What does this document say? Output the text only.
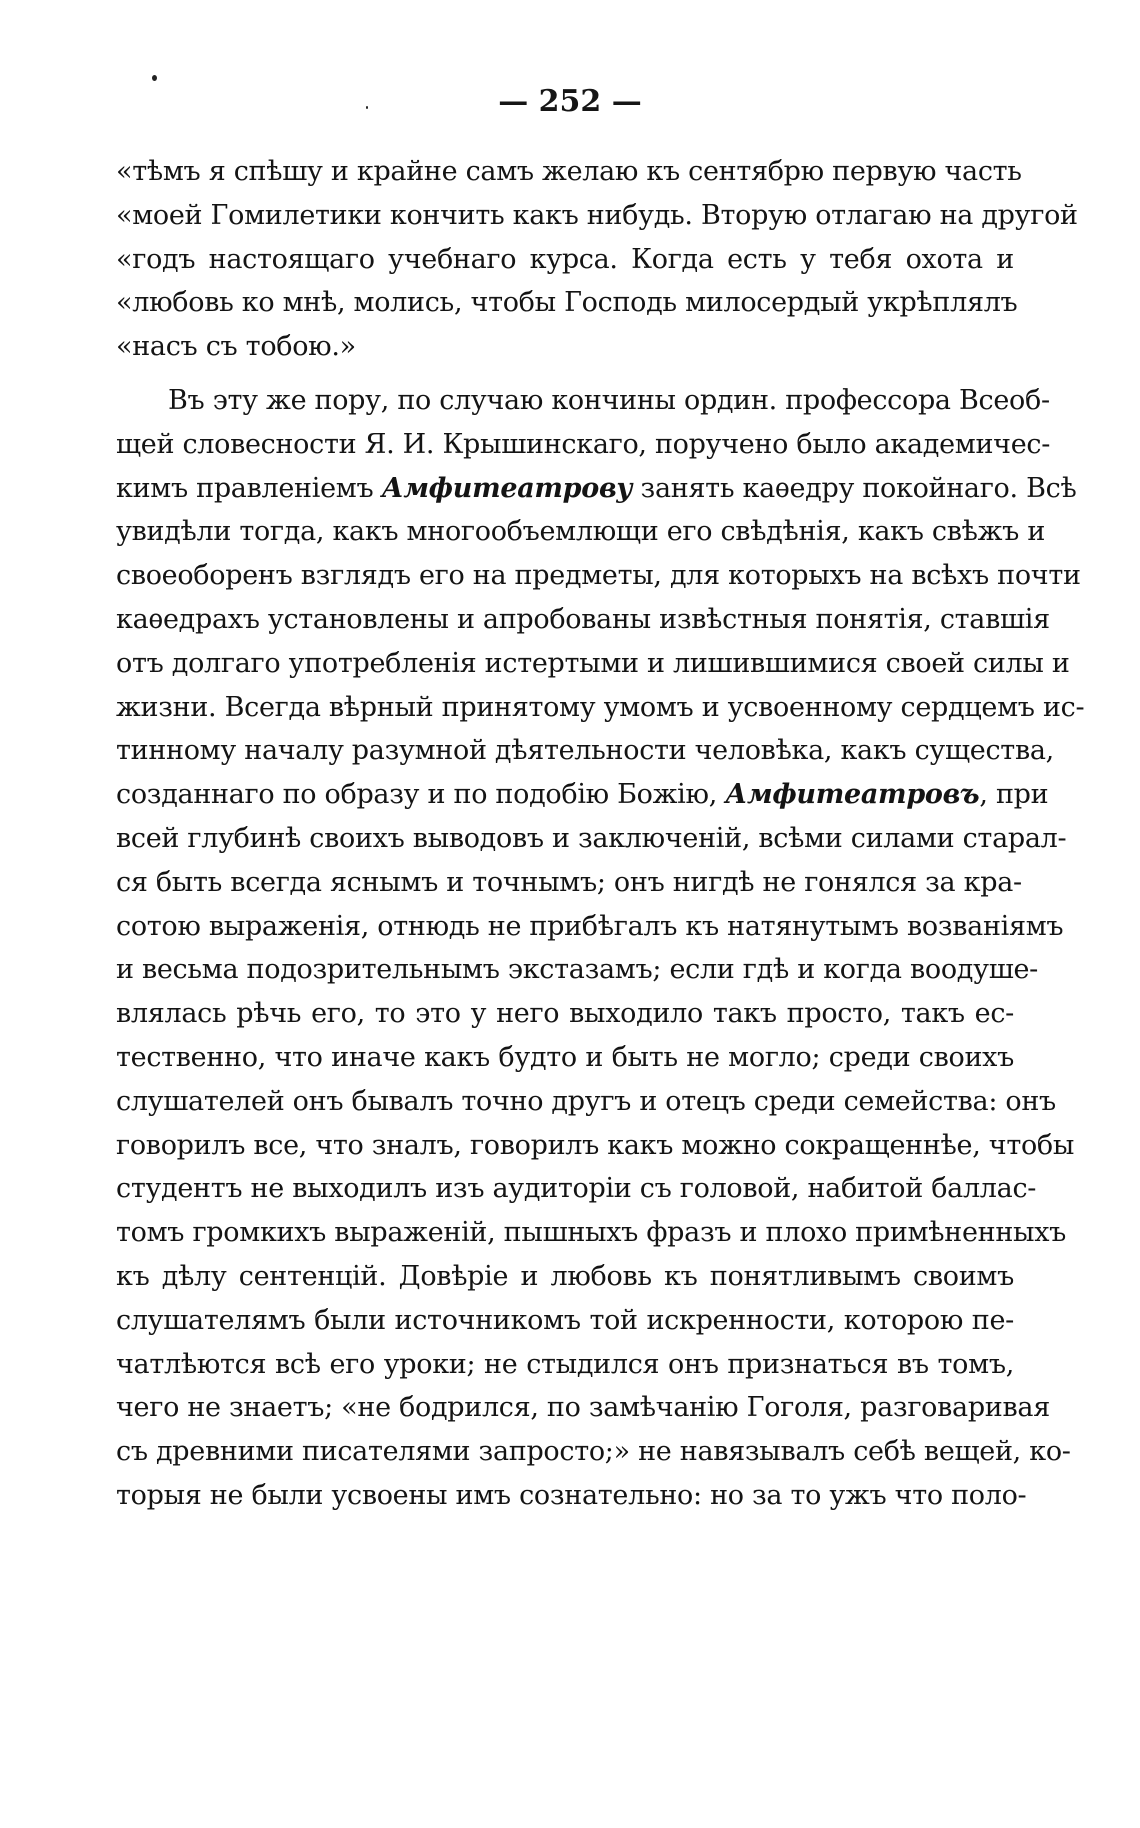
— 252 —
«тѣмъ я спѣшу и крайне самъ желаю къ сентябрю первую часть
«моей Гомилетики кончить какъ нибудь. Вторую отлагаю на другой
«годъ настоящаго учебнаго курса. Когда есть у тебя охота и
«любовь ко мнѣ, молись, чтобы Господь милосердый укрѣплялъ
«насъ съ тобою.»
Въ эту же пору, по случаю кончины ордин. профессора Всеоб-
щей словесности Я. И. Крышинскаго, поручено было академичес-
кимъ правленіемъ Амфитеатрову занять каѳедру покойнаго. Всѣ
увидѣли тогда, какъ многообъемлющи его свѣдѣнія, какъ свѣжъ и
своеоборенъ взглядъ его на предметы, для которыхъ на всѣхъ почти
каѳедрахъ установлены и апробованы извѣстныя понятія, ставшія
отъ долгаго употребленія истертыми и лишившимися своей силы и
жизни. Всегда вѣрный принятому умомъ и усвоенному сердцемъ ис-
тинному началу разумной дѣятельности человѣка, какъ существа,
созданнаго по образу и по подобію Божію, Амфитеатровъ, при
всей глубинѣ своихъ выводовъ и заключеній, всѣми силами старал-
ся быть всегда яснымъ и точнымъ; онъ нигдѣ не гонялся за кра-
сотою выраженія, отнюдь не прибѣгалъ къ натянутымъ возваніямъ
и весьма подозрительнымъ экстазамъ; если гдѣ и когда воодуше-
влялась рѣчь его, то это у него выходило такъ просто, такъ ес-
тественно, что иначе какъ будто и быть не могло; среди своихъ
слушателей онъ бывалъ точно другъ и отецъ среди семейства: онъ
говорилъ все, что зналъ, говорилъ какъ можно сокращеннѣе, чтобы
студентъ не выходилъ изъ аудиторіи съ головой, набитой баллас-
томъ громкихъ выраженій, пышныхъ фразъ и плохо примѣненныхъ
къ дѣлу сентенцій. Довѣріе и любовь къ понятливымъ своимъ
слушателямъ были источникомъ той искренности, которою пе-
чатлѣются всѣ его уроки; не стыдился онъ признаться въ томъ,
чего не знаетъ; «не бодрился, по замѣчанію Гоголя, разговаривая
съ древними писателями запросто;» не навязывалъ себѣ вещей, ко-
торыя не были усвоены имъ сознательно: но за то ужъ что поло-
